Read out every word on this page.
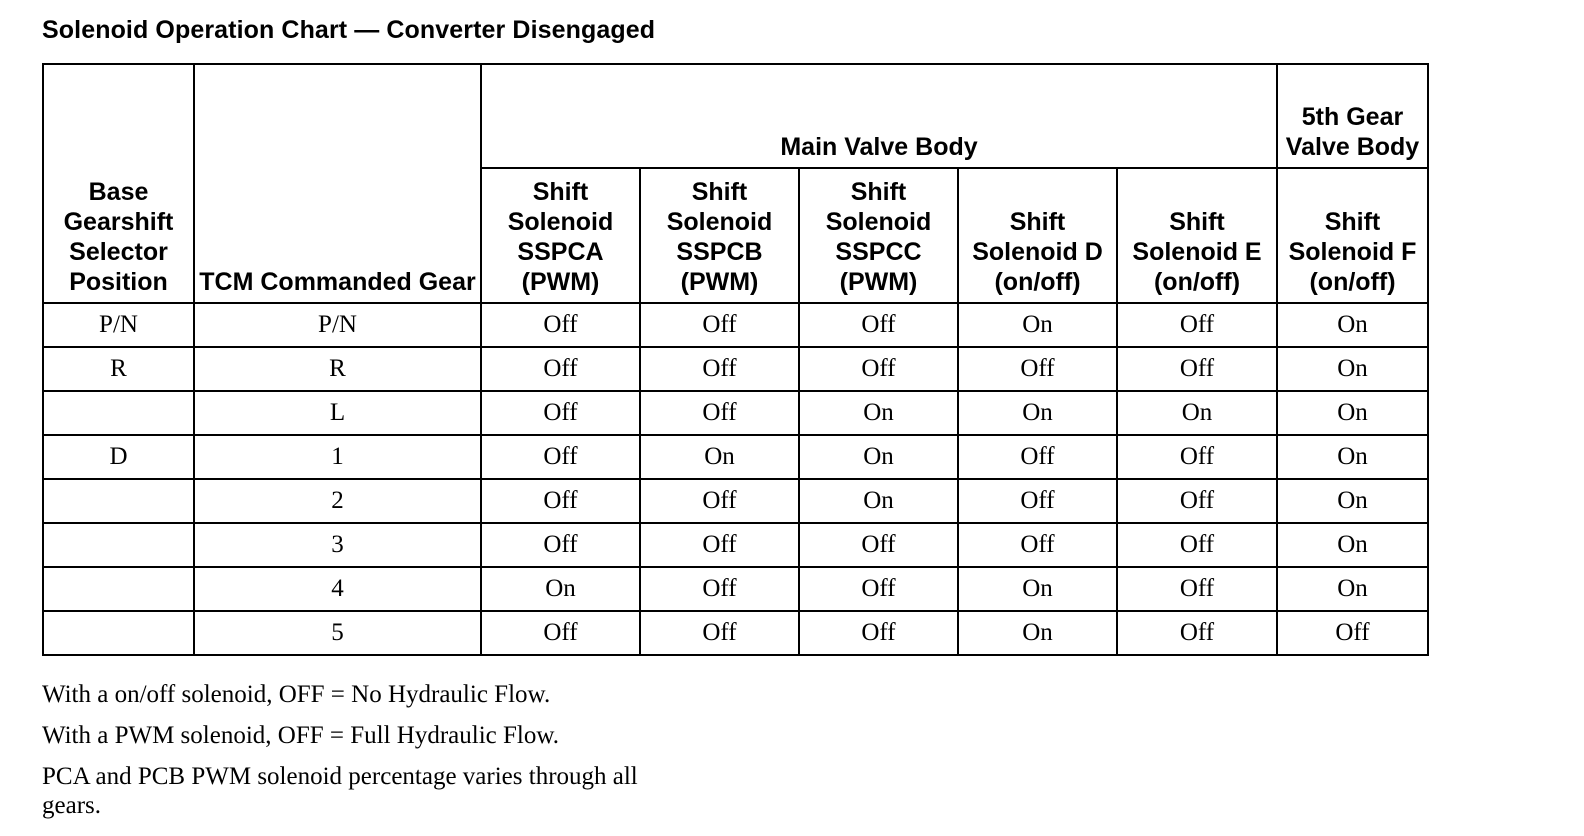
Solenoid Operation Chart — Converter Disengaged
Base Gearshift Selector Position	TCM Commanded Gear	Main Valve Body					5th Gear Valve Body
		Shift Solenoid SSPCA (PWM)	Shift Solenoid SSPCB (PWM)	Shift Solenoid SSPCC (PWM)	Shift Solenoid D (on/off)	Shift Solenoid E (on/off)	Shift Solenoid F (on/off)
P/N	P/N	Off	Off	Off	On	Off	On
R	R	Off	Off	Off	Off	Off	On
	L	Off	Off	On	On	On	On
D	1	Off	On	On	Off	Off	On
	2	Off	Off	On	Off	Off	On
	3	Off	Off	Off	Off	Off	On
	4	On	Off	Off	On	Off	On
	5	Off	Off	Off	On	Off	Off
With a on/off solenoid, OFF = No Hydraulic Flow.
With a PWM solenoid, OFF = Full Hydraulic Flow.
PCA and PCB PWM solenoid percentage varies through all gears.
